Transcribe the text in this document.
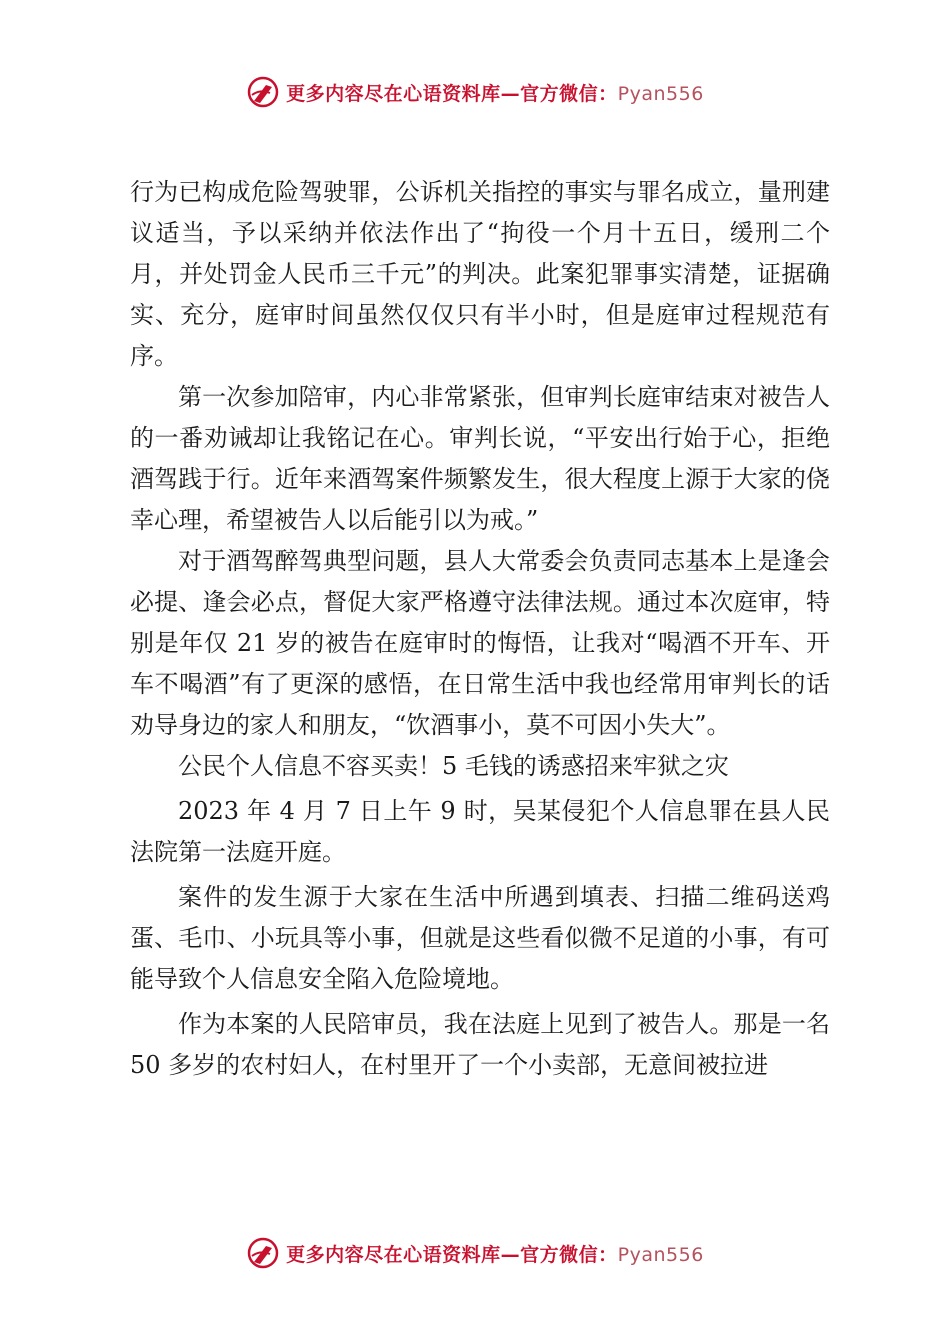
更多内容尽在心语资料库—官方微信：Pyan556

行为已构成危险驾驶罪，公诉机关指控的事实与罪名成立，量刑建议适当，予以采纳并依法作出了“拘役一个月十五日，缓刑二个月，并处罚金人民币三千元”的判决。此案犯罪事实清楚，证据确实、充分，庭审时间虽然仅仅只有半小时，但是庭审过程规范有序。

第一次参加陪审，内心非常紧张，但审判长庭审结束对被告人的一番劝诫却让我铭记在心。审判长说，“平安出行始于心，拒绝酒驾践于行。近年来酒驾案件频繁发生，很大程度上源于大家的侥幸心理，希望被告人以后能引以为戒。”

对于酒驾醉驾典型问题，县人大常委会负责同志基本上是逢会必提、逢会必点，督促大家严格遵守法律法规。通过本次庭审，特别是年仅 21 岁的被告在庭审时的悔悟，让我对“喝酒不开车、开车不喝酒”有了更深的感悟，在日常生活中我也经常用审判长的话劝导身边的家人和朋友，“饮酒事小，莫不可因小失大”。

公民个人信息不容买卖！5 毛钱的诱惑招来牢狱之灾

2023 年 4 月 7 日上午 9 时，吴某侵犯个人信息罪在县人民法院第一法庭开庭。

案件的发生源于大家在生活中所遇到填表、扫描二维码送鸡蛋、毛巾、小玩具等小事，但就是这些看似微不足道的小事，有可能导致个人信息安全陷入危险境地。

作为本案的人民陪审员，我在法庭上见到了被告人。那是一名 50 多岁的农村妇人，在村里开了一个小卖部，无意间被拉进

更多内容尽在心语资料库—官方微信：Pyan556
